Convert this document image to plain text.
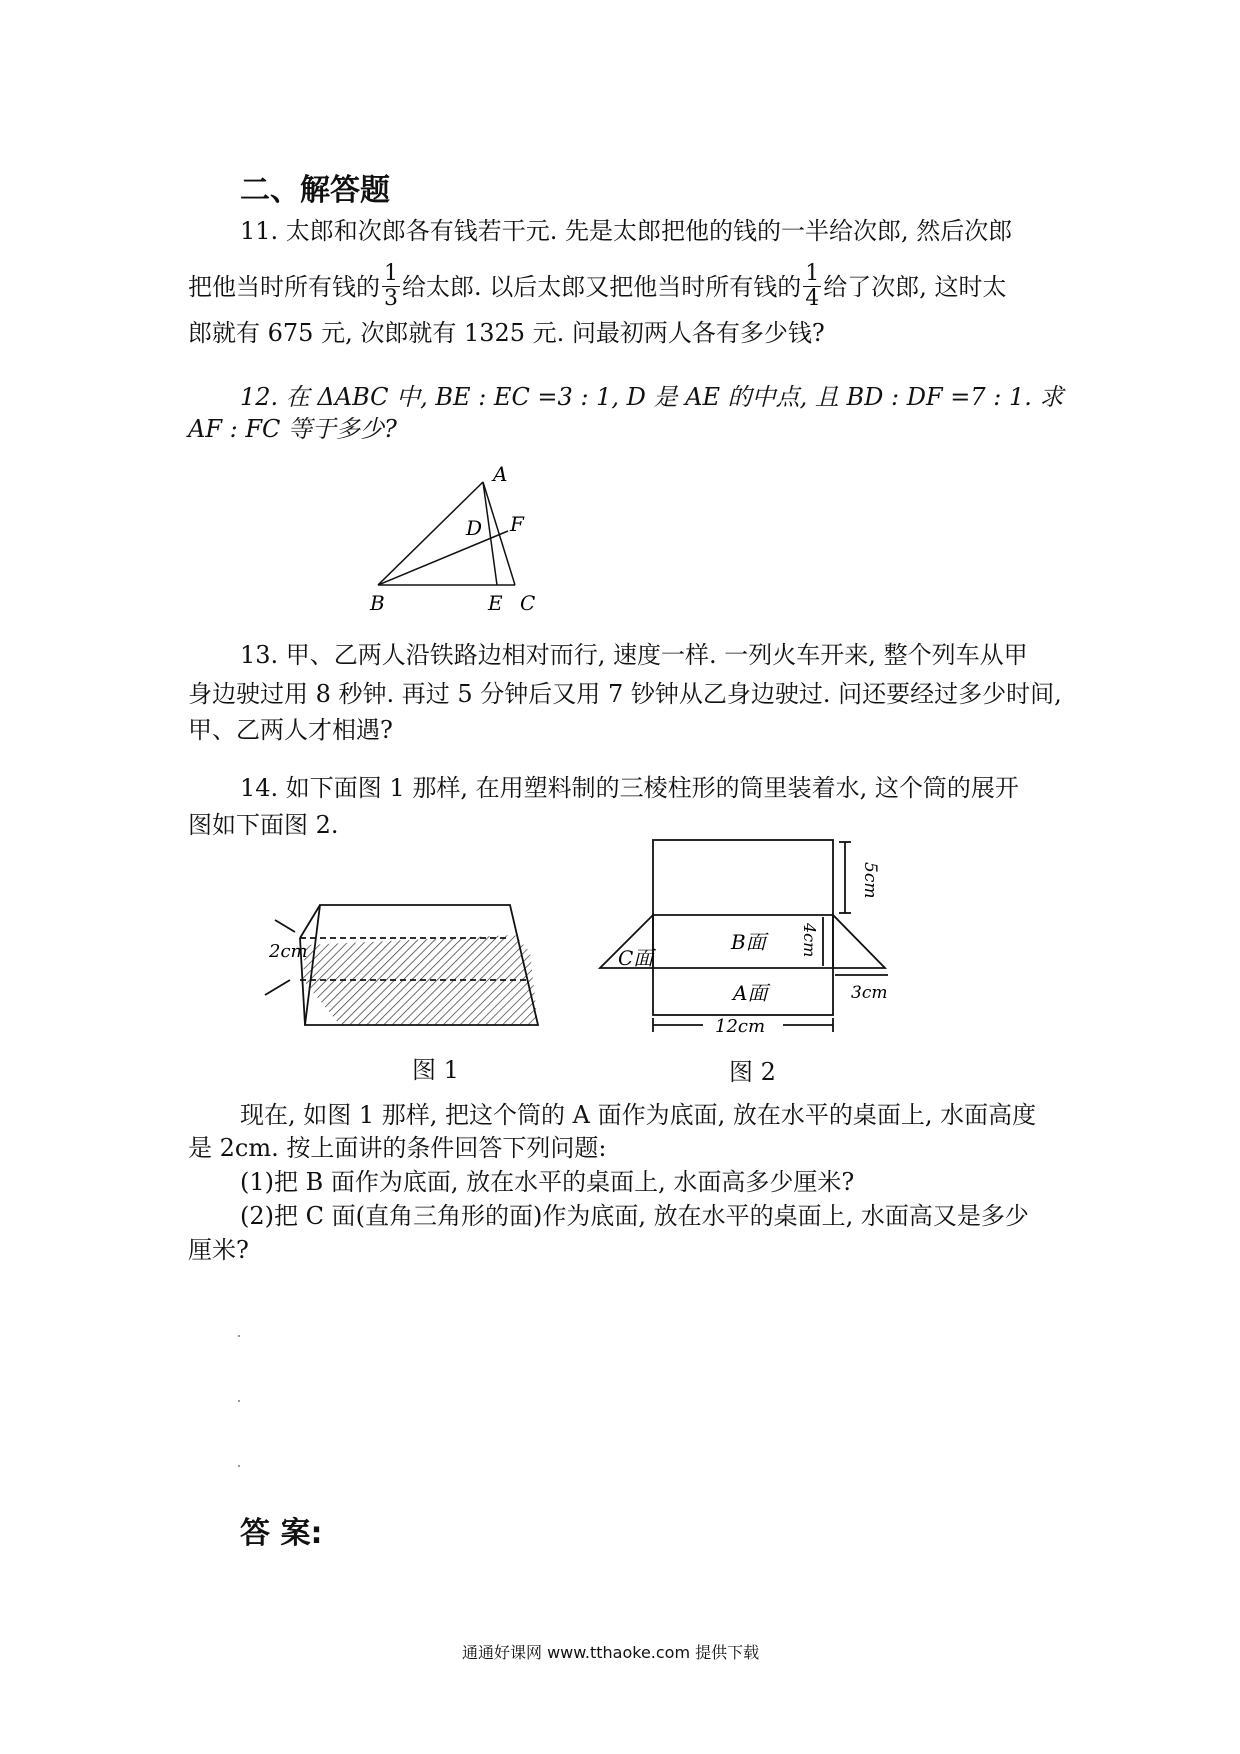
二、解答题
11. 太郎和次郎各有钱若干元. 先是太郎把他的钱的一半给次郎, 然后次郎
把他当时所有钱的 $\frac{1}{3}$ 给太郎. 以后太郎又把他当时所有钱的 $\frac{1}{4}$ 给了次郎, 这时太
郎就有 675 元, 次郎就有 1325 元. 问最初两人各有多少钱?
12. 在 ΔABC 中, BE : EC =3 : 1, D 是 AE 的中点, 且 BD : DF =7 : 1. 求
AF : FC 等于多少?
A
B	C
D
E
F
13. 甲、乙两人沿铁路边相对而行, 速度一样. 一列火车开来, 整个列车从甲
身边驶过用 8 秒钟. 再过 5 分钟后又用 7 钞钟从乙身边驶过. 问还要经过多少时间,
甲、乙两人才相遇?
14. 如下面图 1 那样, 在用塑料制的三棱柱形的筒里装着水, 这个筒的展开
图如下面图 2.
2cm
图 1
12cm
3cm
5cm
4cm
B面
A面
C面
图 2
现在, 如图 1 那样, 把这个筒的 A 面作为底面, 放在水平的桌面上, 水面高度
是 2cm. 按上面讲的条件回答下列问题:
(1)把 B 面作为底面, 放在水平的桌面上, 水面高多少厘米?
(2)把 C 面(直角三角形的面)作为底面, 放在水平的桌面上, 水面高又是多少
厘米?
答 案:
通通好课网 www.tthaoke.com 提供下载
